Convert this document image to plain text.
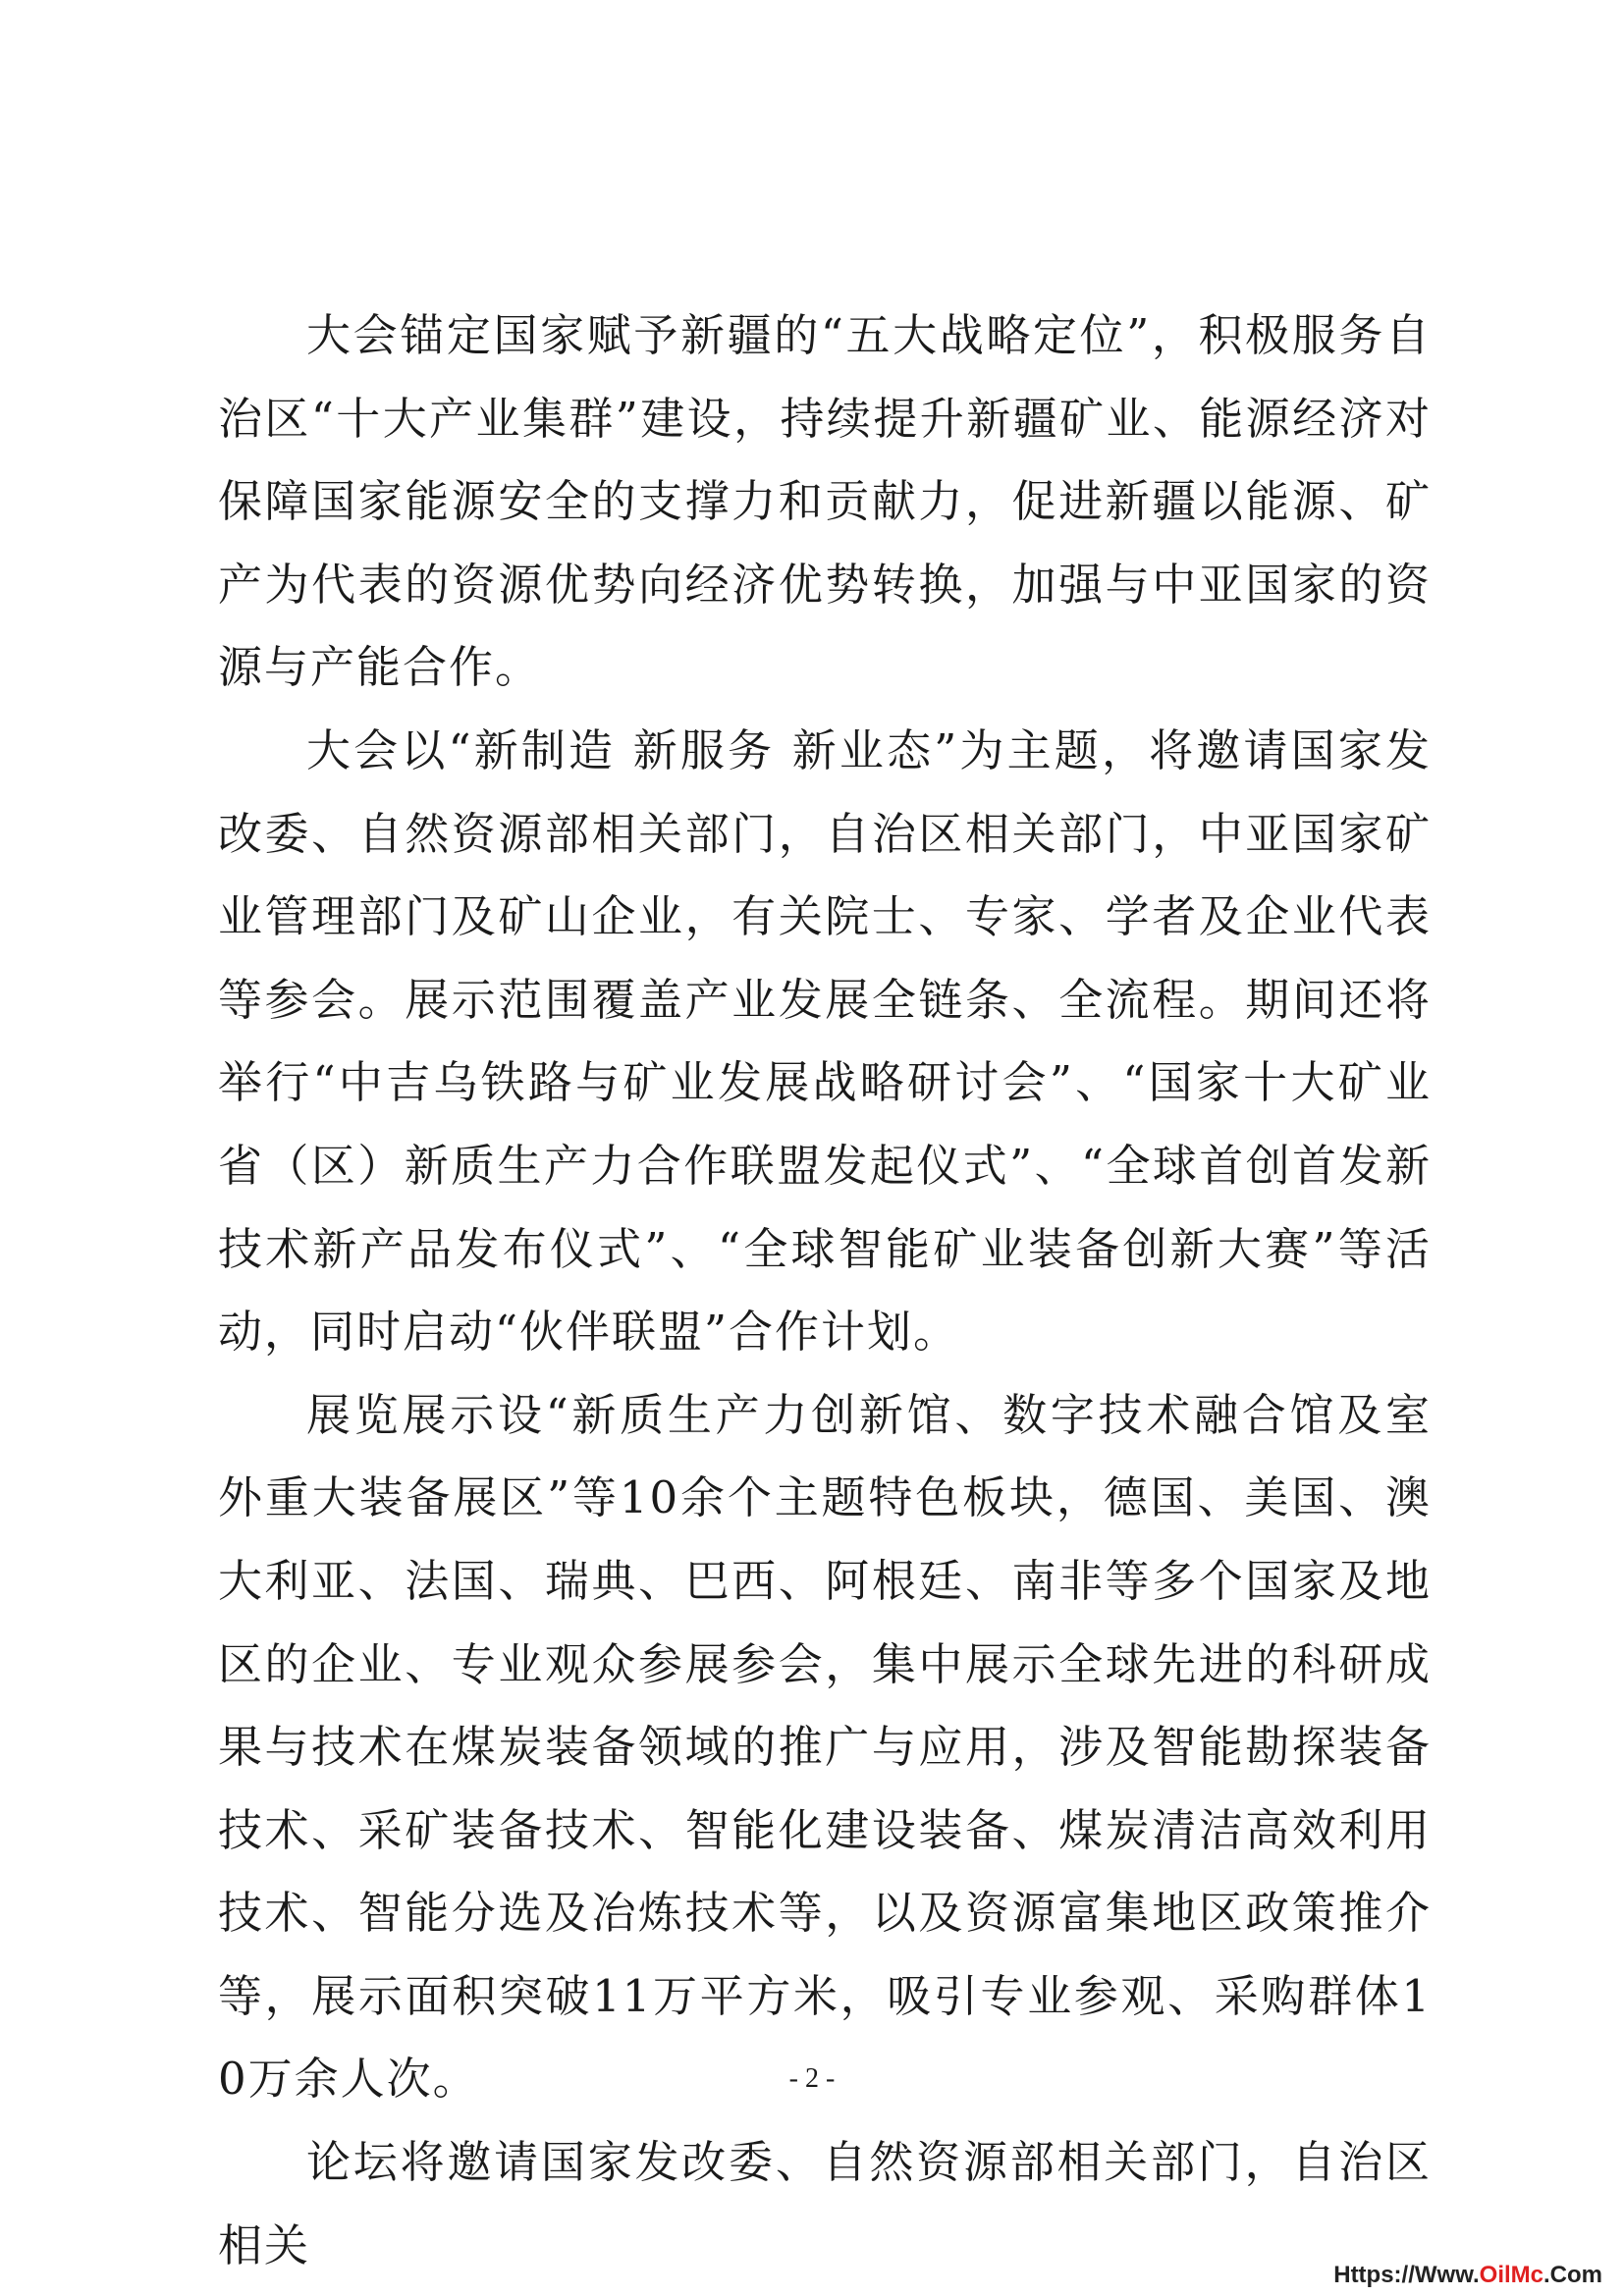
大会锚定国家赋予新疆的“五大战略定位”，积极服务自治区“十大产业集群”建设，持续提升新疆矿业、能源经济对保障国家能源安全的支撑力和贡献力，促进新疆以能源、矿产为代表的资源优势向经济优势转换，加强与中亚国家的资源与产能合作。

大会以“新制造 新服务 新业态”为主题，将邀请国家发改委、自然资源部相关部门，自治区相关部门，中亚国家矿业管理部门及矿山企业，有关院士、专家、学者及企业代表等参会。展示范围覆盖产业发展全链条、全流程。期间还将举行“中吉乌铁路与矿业发展战略研讨会”、“国家十大矿业省（区）新质生产力合作联盟发起仪式”、“全球首创首发新技术新产品发布仪式”、“全球智能矿业装备创新大赛”等活动，同时启动“伙伴联盟”合作计划。

展览展示设“新质生产力创新馆、数字技术融合馆及室外重大装备展区”等10余个主题特色板块，德国、美国、澳大利亚、法国、瑞典、巴西、阿根廷、南非等多个国家及地区的企业、专业观众参展参会，集中展示全球先进的科研成果与技术在煤炭装备领域的推广与应用，涉及智能勘探装备技术、采矿装备技术、智能化建设装备、煤炭清洁高效利用技术、智能分选及冶炼技术等，以及资源富集地区政策推介等，展示面积突破11万平方米，吸引专业参观、采购群体10万余人次。

论坛将邀请国家发改委、自然资源部相关部门，自治区相关

- 2 -
Https://Www.OilMc.Com
